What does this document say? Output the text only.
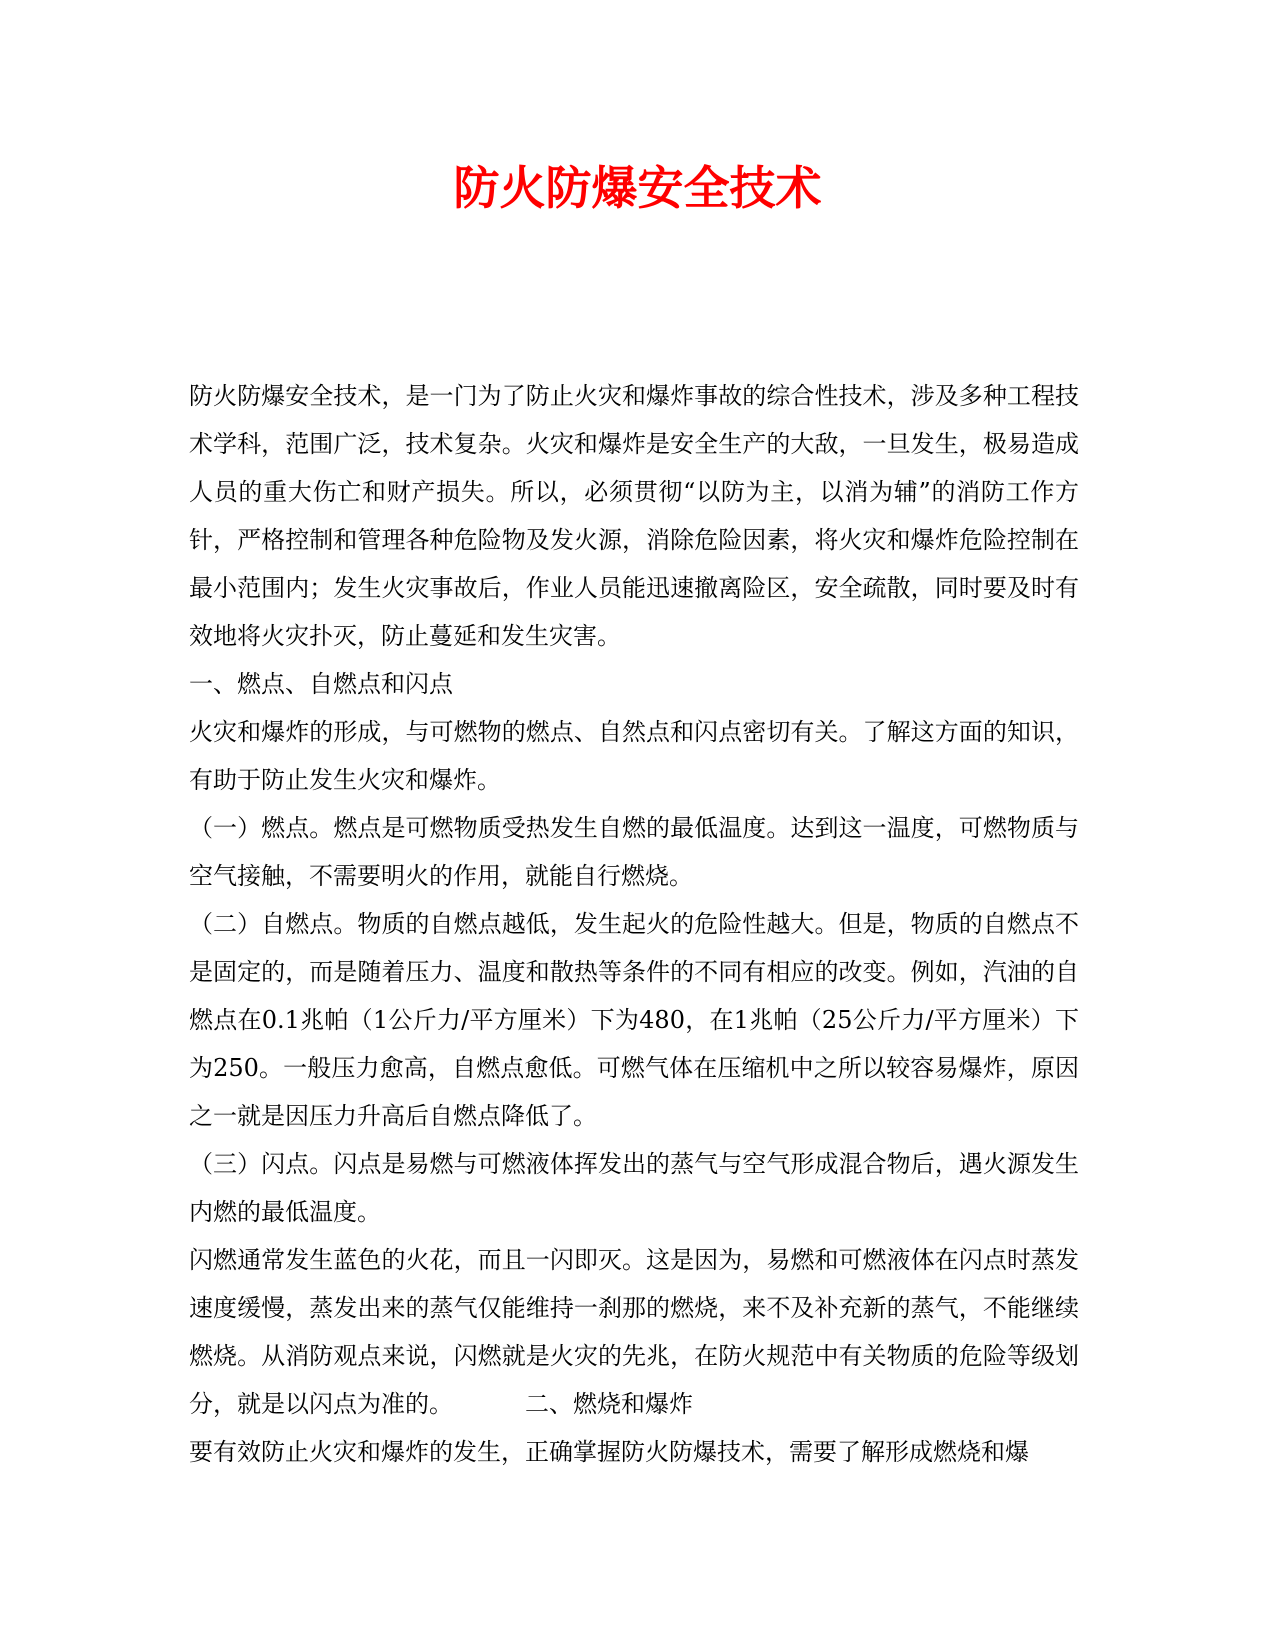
防火防爆安全技术

防火防爆安全技术，是一门为了防止火灾和爆炸事故的综合性技术，涉及多种工程技术学科，范围广泛，技术复杂。火灾和爆炸是安全生产的大敌，一旦发生，极易造成人员的重大伤亡和财产损失。所以，必须贯彻“以防为主，以消为辅”的消防工作方针，严格控制和管理各种危险物及发火源，消除危险因素，将火灾和爆炸危险控制在最小范围内；发生火灾事故后，作业人员能迅速撤离险区，安全疏散，同时要及时有效地将火灾扑灭，防止蔓延和发生灾害。

一、燃点、自燃点和闪点

火灾和爆炸的形成，与可燃物的燃点、自然点和闪点密切有关。了解这方面的知识，有助于防止发生火灾和爆炸。

（一）燃点。燃点是可燃物质受热发生自燃的最低温度。达到这一温度，可燃物质与空气接触，不需要明火的作用，就能自行燃烧。

（二）自燃点。物质的自燃点越低，发生起火的危险性越大。但是，物质的自燃点不是固定的，而是随着压力、温度和散热等条件的不同有相应的改变。例如，汽油的自燃点在0.1兆帕（1公斤力/平方厘米）下为480，在1兆帕（25公斤力/平方厘米）下为250。一般压力愈高，自燃点愈低。可燃气体在压缩机中之所以较容易爆炸，原因之一就是因压力升高后自燃点降低了。

（三）闪点。闪点是易燃与可燃液体挥发出的蒸气与空气形成混合物后，遇火源发生内燃的最低温度。

闪燃通常发生蓝色的火花，而且一闪即灭。这是因为，易燃和可燃液体在闪点时蒸发速度缓慢，蒸发出来的蒸气仅能维持一刹那的燃烧，来不及补充新的蒸气，不能继续燃烧。从消防观点来说，闪燃就是火灾的先兆，在防火规范中有关物质的危险等级划分，就是以闪点为准的。	二、燃烧和爆炸

要有效防止火灾和爆炸的发生，正确掌握防火防爆技术，需要了解形成燃烧和爆
